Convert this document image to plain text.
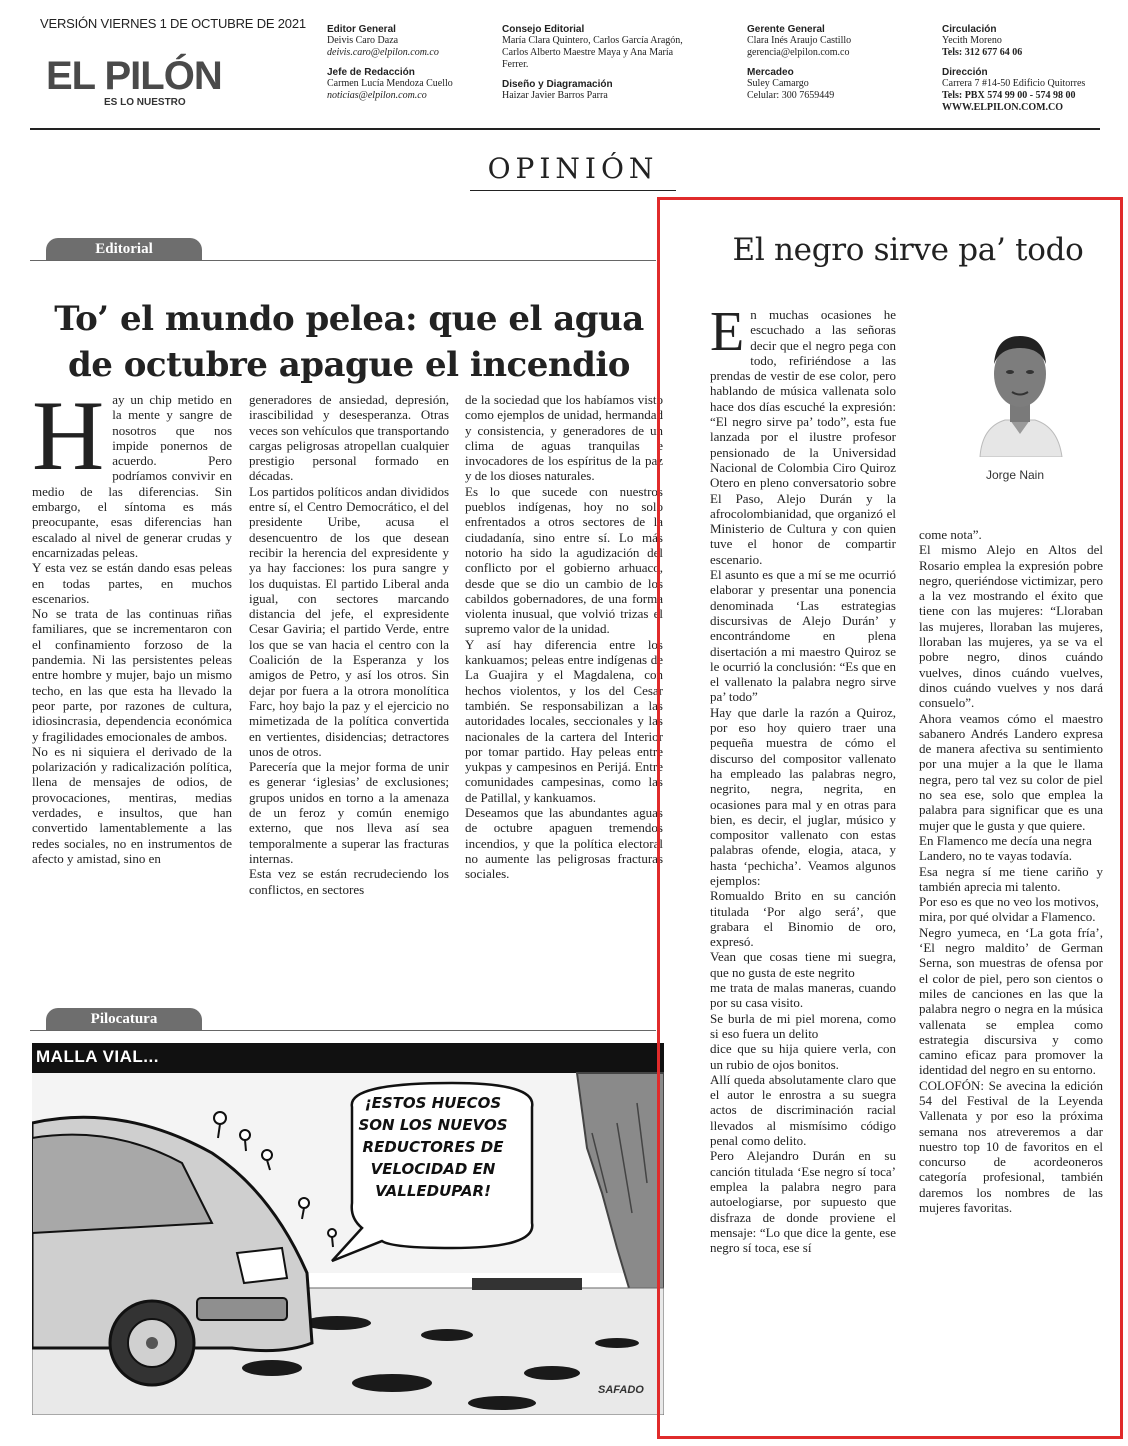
VERSIÓN VIERNES 1 DE OCTUBRE DE 2021
EL PILÓN
ES LO NUESTRO
Editor General
Deivis Caro Daza
deivis.caro@elpilon.com.co
Jefe de Redacción
Carmen Lucía Mendoza Cuello
noticias@elpilon.com.co
Consejo Editorial
María Clara Quintero, Carlos García Aragón,
Carlos Alberto Maestre Maya y Ana María
Ferrer.
Diseño y Diagramación
Haizar Javier Barros Parra
Gerente General
Clara Inés Araujo Castillo
gerencia@elpilon.com.co
Mercadeo
Suley Camargo
Celular: 300 7659449
Circulación
Yecith Moreno
Tels: 312 677 64 06
Dirección
Carrera 7 #14-50 Edificio Quitorres
Tels: PBX 574 99 00 - 574 98 00
WWW.ELPILON.COM.CO
OPINIÓN
Editorial
To’ el mundo pelea: que el agua
de octubre apague el incendio
H ay un chip metido en la mente y sangre de nosotros que nos impide ponernos de acuerdo. Pero podríamos convivir en medio de las diferencias. Sin embargo, el síntoma es más preocupante, esas diferencias han escalado al nivel de generar crudas y encarnizadas peleas.

Y esta vez se están dando esas peleas en todas partes, en muchos escenarios.

No se trata de las continuas riñas familiares, que se incrementaron con el confinamiento forzoso de la pandemia. Ni las persistentes peleas entre hombre y mujer, bajo un mismo techo, en las que esta ha llevado la peor parte, por razones de cultura, idiosincrasia, dependencia económica y fragilidades emocionales de ambos.

No es ni siquiera el derivado de la polarización y radicalización política, llena de mensajes de odios, de provocaciones, mentiras, medias verdades, e insultos, que han convertido lamentablemente a las redes sociales, no en instrumentos de afecto y amistad, sino en

generadores de ansiedad, depresión, irascibilidad y desesperanza. Otras veces son vehículos que transportando cargas peligrosas atropellan cualquier prestigio personal formado en décadas.

Los partidos políticos andan divididos entre sí, el Centro Democrático, el del presidente Uribe, acusa el desencuentro de los que desean recibir la herencia del expresidente y ya hay facciones: los pura sangre y los duquistas. El partido Liberal anda igual, con sectores marcando distancia del jefe, el expresidente Cesar Gaviria; el partido Verde, entre los que se van hacia el centro con la Coalición de la Esperanza y los amigos de Petro, y así los otros. Sin dejar por fuera a la otrora monolítica Farc, hoy bajo la paz y el ejercicio no mimetizada de la política convertida en vertientes, disidencias; detractores unos de otros.

Parecería que la mejor forma de unir es generar ‘iglesias’ de exclusiones; grupos unidos en torno a la amenaza de un feroz y común enemigo externo, que nos lleva así sea temporalmente a superar las fracturas internas.

Esta vez se están recrudeciendo los conflictos, en sectores

de la sociedad que los habíamos visto como ejemplos de unidad, hermandad y consistencia, y generadores de un clima de aguas tranquilas e invocadores de los espíritus de la paz y de los dioses naturales.

Es lo que sucede con nuestros pueblos indígenas, hoy no solo enfrentados a otros sectores de la ciudadanía, sino entre sí. Lo más notorio ha sido la agudización del conflicto por el gobierno arhuaco, desde que se dio un cambio de los cabildos gobernadores, de una forma violenta inusual, que volvió trizas el supremo valor de la unidad.

Y así hay diferencia entre los kankuamos; peleas entre indígenas de La Guajira y el Magdalena, con hechos violentos, y los del Cesar también. Se responsabilizan a las autoridades locales, seccionales y las nacionales de la cartera del Interior por tomar partido. Hay peleas entre yukpas y campesinos en Perijá. Entre comunidades campesinas, como las de Patillal, y kankuamos.

Deseamos que las abundantes aguas de octubre apaguen tremendos incendios, y que la política electoral no aumente las peligrosas fracturas sociales.

Pilocatura
MALLA VIAL...
¡ESTOS HUECOS SON LOS NUEVOS REDUCTORES DE VELOCIDAD EN VALLEDUPAR!
SAFADO
El negro sirve pa’ todo
Jorge Nain
E n muchas ocasiones he escuchado a las señoras decir que el negro pega con todo, refiriéndose a las prendas de vestir de ese color, pero hablando de música vallenata solo hace dos días escuché la expresión: “El negro sirve pa’ todo”, esta fue lanzada por el ilustre profesor pensionado de la Universidad Nacional de Colombia Ciro Quiroz Otero en pleno conversatorio sobre El Paso, Alejo Durán y la afrocolombianidad, que organizó el Ministerio de Cultura y con quien tuve el honor de compartir escenario.

El asunto es que a mí se me ocurrió elaborar y presentar una ponencia denominada ‘Las estrategias discursivas de Alejo Durán’ y encontrándome en plena disertación a mi maestro Quiroz se le ocurrió la conclusión: “Es que en el vallenato la palabra negro sirve pa’ todo”

Hay que darle la razón a Quiroz, por eso hoy quiero traer una pequeña muestra de cómo el discurso del compositor vallenato ha empleado las palabras negro, negrito, negra, negrita, en ocasiones para mal y en otras para bien, es decir, el juglar, músico y compositor vallenato con estas palabras ofende, elogia, ataca, y hasta ‘pechicha’. Veamos algunos ejemplos:

Romualdo Brito en su canción titulada ‘Por algo será’, que grabara el Binomio de oro, expresó.

Vean que cosas tiene mi suegra, que no gusta de este negrito

me trata de malas maneras, cuando por su casa visito.

Se burla de mi piel morena, como si eso fuera un delito

dice que su hija quiere verla, con un rubio de ojos bonitos.

Allí queda absolutamente claro que el autor le enrostra a su suegra actos de discriminación racial llevados al mismísimo código penal como delito.

Pero Alejandro Durán en su canción titulada ‘Ese negro sí toca’ emplea la palabra negro para autoelogiarse, por supuesto que disfraza de donde proviene el mensaje: “Lo que dice la gente, ese negro sí toca, ese sí

come nota”.

El mismo Alejo en Altos del Rosario emplea la expresión pobre negro, queriéndose victimizar, pero a la vez mostrando el éxito que tiene con las mujeres: “Lloraban las mujeres, lloraban las mujeres, lloraban las mujeres, ya se va el pobre negro, dinos cuándo vuelves, dinos cuándo vuelves, dinos cuándo vuelves y nos dará consuelo”.

Ahora veamos cómo el maestro sabanero Andrés Landero expresa de manera afectiva su sentimiento por una mujer a la que le llama negra, pero tal vez su color de piel no sea ese, solo que emplea la palabra para significar que es una mujer que le gusta y que quiere.

En Flamenco me decía una negra

Landero, no te vayas todavía.

Esa negra sí me tiene cariño y también aprecia mi talento.

Por eso es que no veo los motivos,

mira, por qué olvidar a Flamenco.

Negro yumeca, en ‘La gota fría’, ‘El negro maldito’ de German Serna, son muestras de ofensa por el color de piel, pero son cientos o miles de canciones en las que la palabra negro o negra en la música vallenata se emplea como estrategia discursiva y como camino eficaz para promover la identidad del negro en su entorno.

COLOFÓN: Se avecina la edición 54 del Festival de la Leyenda Vallenata y por eso la próxima semana nos atreveremos a dar nuestro top 10 de favoritos en el concurso de acordeoneros categoría profesional, también daremos los nombres de las mujeres favoritas.
